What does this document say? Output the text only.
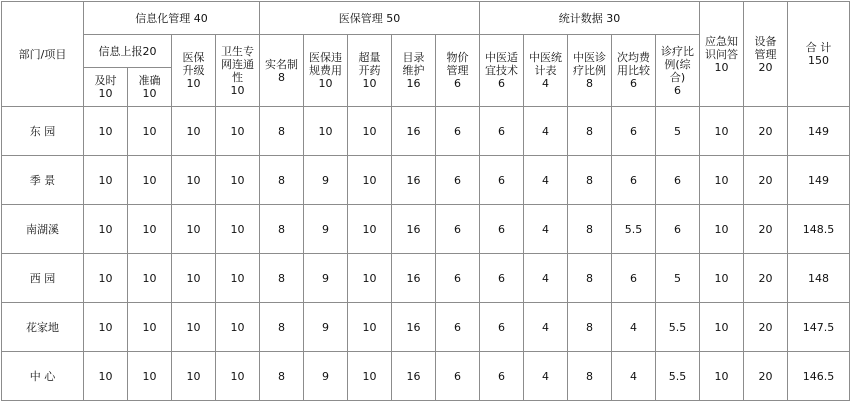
部门/项目	信息化管理 40				医保管理 50					统计数据 30					应急知
识问答
10	设备
管理
20	合 计
150

	信息上报20		医保
升级
10	卫生专
网连通
性
10	实名制
8	医保违
规费用
10	超量
开药
10	目录
维护
16	物价
管理
6	中医适
宜技术
6	中医统
计表
4	中医诊
疗比例
8	次均费
用比较
6	诊疗比
例(综
合)
6			

	及时
10	准确
10															

东 园	10	10	10	10	8	10	10	16	6	6	4	8	6	5	10	20	149
季 景	10	10	10	10	8	9	10	16	6	6	4	8	6	6	10	20	149
南湖溪	10	10	10	10	8	9	10	16	6	6	4	8	5.5	6	10	20	148.5
西 园	10	10	10	10	8	9	10	16	6	6	4	8	6	5	10	20	148
花家地	10	10	10	10	8	9	10	16	6	6	4	8	4	5.5	10	20	147.5
中 心	10	10	10	10	8	9	10	16	6	6	4	8	4	5.5	10	20	146.5
